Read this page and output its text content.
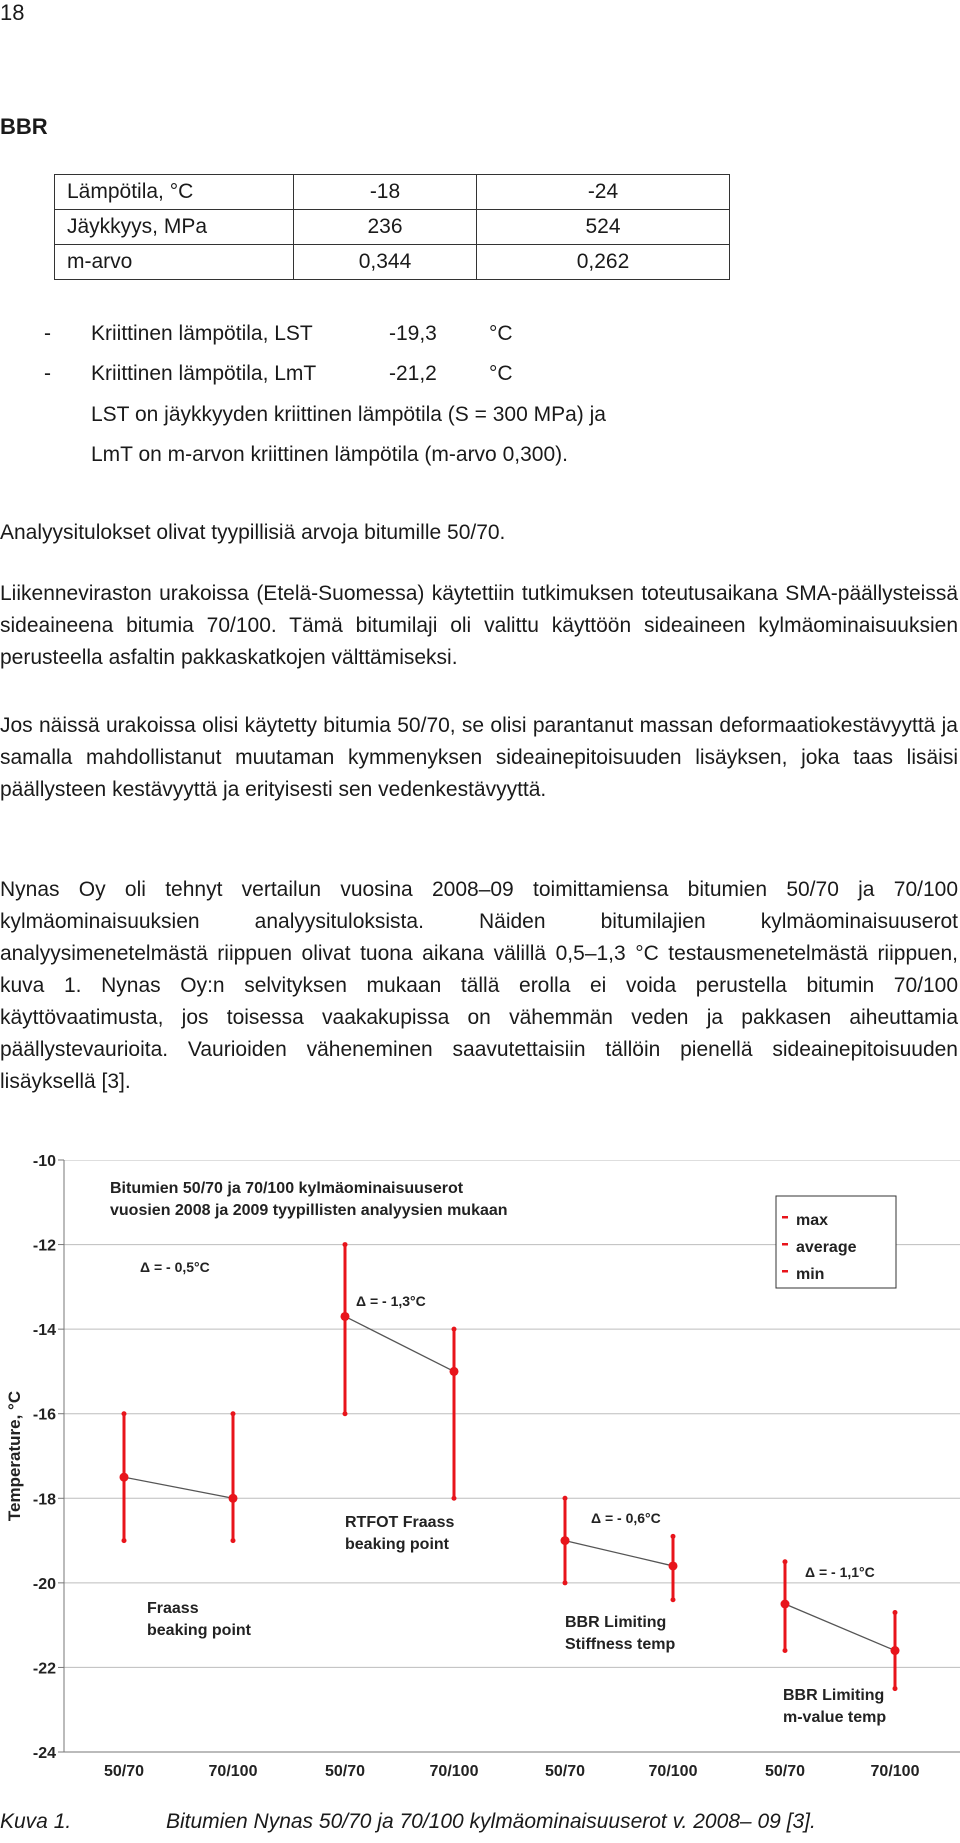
18
BBR
Lämpötila, °C	-18	-24
Jäykkyys, MPa	236	524
m-arvo	0,344	0,262
- Kriittinen lämpötila, LST	-19,3 °C
- Kriittinen lämpötila, LmT	-21,2 °C
LST on jäykkyyden kriittinen lämpötila (S = 300 MPa) ja
LmT on m-arvon kriittinen lämpötila (m-arvo 0,300).
Analyysitulokset olivat tyypillisiä arvoja bitumille 50/70.
Liikenneviraston urakoissa (Etelä-Suomessa) käytettiin tutkimuksen toteutusaikana SMA-päällysteissä sideaineena bitumia 70/100. Tämä bitumilaji oli valittu käyttöön sideaineen kylmäominaisuuksien perusteella asfaltin pakkaskatkojen välttämiseksi.
Jos näissä urakoissa olisi käytetty bitumia 50/70, se olisi parantanut massan deformaatiokestävyyttä ja samalla mahdollistanut muutaman kymmenyksen sideainepitoisuuden lisäyksen, joka taas lisäisi päällysteen kestävyyttä ja erityisesti sen vedenkestävyyttä.
Nynas Oy oli tehnyt vertailun vuosina 2008–09 toimittamiensa bitumien 50/70 ja 70/100 kylmäominaisuuksien analyysituloksista. Näiden bitumilajien kylmäominaisuuserot analyysimenetelmästä riippuen olivat tuona aikana välillä 0,5–1,3 °C testausmenetelmästä riippuen, kuva 1. Nynas Oy:n selvityksen mukaan tällä erolla ei voida perustella bitumin 70/100 käyttövaatimusta, jos toisessa vaakakupissa on vähemmän veden ja pakkasen aiheuttamia päällystevaurioita. Vaurioiden väheneminen saavutettaisiin tällöin pienellä sideainepitoisuuden lisäyksellä [3].
-10
-12
-14
-16
-18
-20
-22
-24
Temperature, °C
Bitumien 50/70 ja 70/100 kylmäominaisuuserot
vuosien 2008 ja 2009 tyypillisten analyysien mukaan
50/70	70/100
Δ = - 0,5°C
Fraass
beaking point
50/70	70/100
Δ = - 1,3°C
RTFOT Fraass
beaking point
50/70	70/100
Δ = - 0,6°C
BBR Limiting
Stiffness temp
50/70	70/100
Δ = - 1,1°C
BBR Limiting
m-value temp
max
average
min
Kuva 1.	Bitumien Nynas 50/70 ja 70/100 kylmäominaisuuserot v. 2008– 09 [3].
